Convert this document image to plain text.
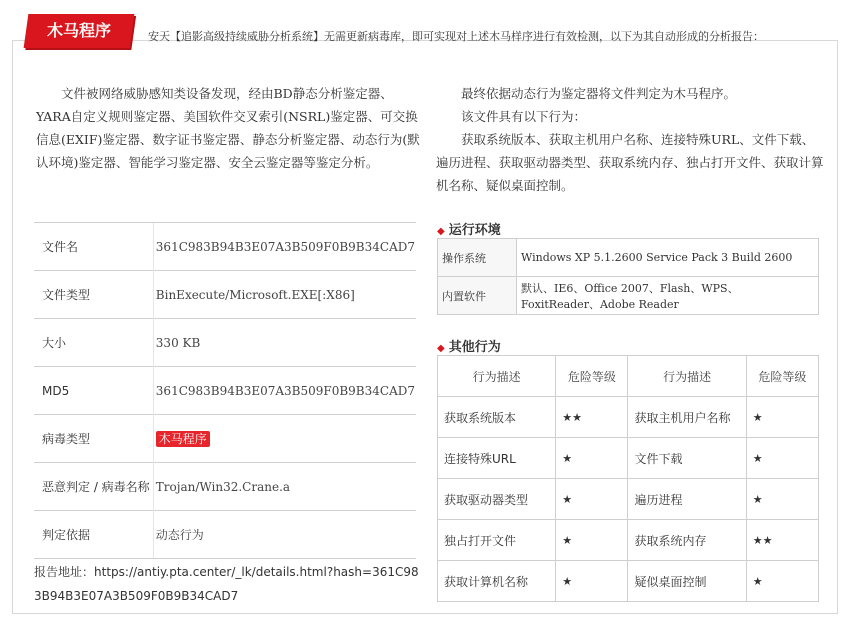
木马程序	安天【追影高级持续威胁分析系统】无需更新病毒库，即可实现对上述木马样序进行有效检测，以下为其自动形成的分析报告：
文件被网络威胁感知类设备发现，经由BD静态分析鉴定器、YARA自定义规则鉴定器、美国软件交叉索引(NSRL)鉴定器、可交换信息(EXIF)鉴定器、数字证书鉴定器、静态分析鉴定器、动态行为(默认环境)鉴定器、智能学习鉴定器、安全云鉴定器等鉴定分析。
最终依据动态行为鉴定器将文件判定为木马程序。
该文件具有以下行为：
获取系统版本、获取主机用户名称、连接特殊URL、文件下载、遍历进程、获取驱动器类型、获取系统内存、独占打开文件、获取计算机名称、疑似桌面控制。
文件名	361C983B94B3E07A3B509F0B9B34CAD7
文件类型	BinExecute/Microsoft.EXE[:X86]
大小	330 KB
MD5	361C983B94B3E07A3B509F0B9B34CAD7
病毒类型	木马程序
恶意判定 / 病毒名称	Trojan/Win32.Crane.a
判定依据	动态行为
报告地址：https://antiy.pta.center/_lk/details.html?hash=361C983B94B3E07A3B509F0B9B34CAD7
◆ 运行环境
操作系统	Windows XP 5.1.2600 Service Pack 3 Build 2600
内置软件	默认、IE6、Office 2007、Flash、WPS、FoxitReader、Adobe Reader
◆ 其他行为
行为描述	危险等级	行为描述	危险等级
获取系统版本	★★	获取主机用户名称	★
连接特殊URL	★	文件下载	★
获取驱动器类型	★	遍历进程	★
独占打开文件	★	获取系统内存	★★
获取计算机名称	★	疑似桌面控制	★
